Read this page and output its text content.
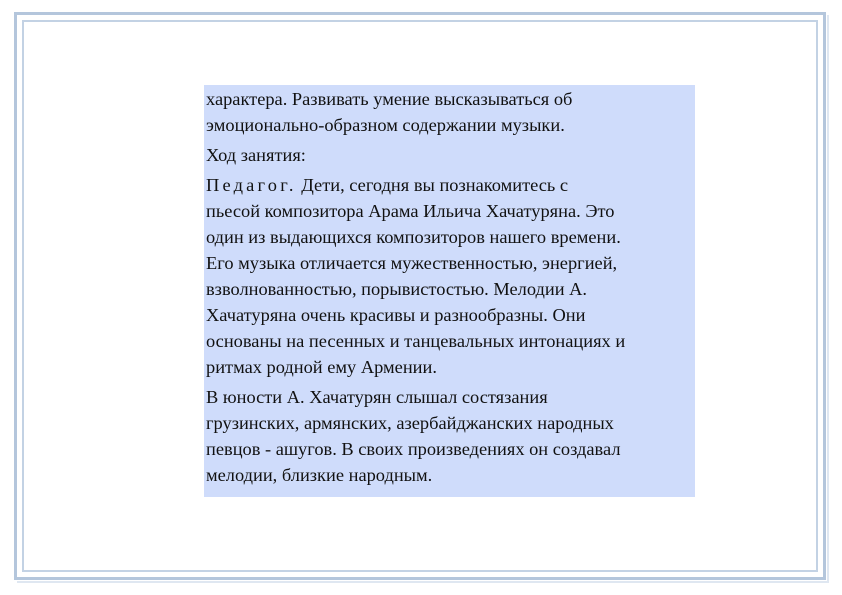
характера. Развивать умение высказываться об
эмоционально-образном содержании музыки.

Ход занятия:

Педагог. Дети, сегодня вы познакомитесь с
пьесой композитора Арама Ильича Хачатуряна. Это
один из выдающихся композиторов нашего времени.
Его музыка отличается мужественностью, энергией,
взволнованностью, порывистостью. Мелодии А.
Хачатуряна очень красивы и разнообразны. Они
основаны на песенных и танцевальных интонациях и
ритмах родной ему Армении.

В юности А. Хачатурян слышал состязания
грузинских, армянских, азербайджанских народных
певцов - ашугов. В своих произведениях он создавал
мелодии, близкие народным.
